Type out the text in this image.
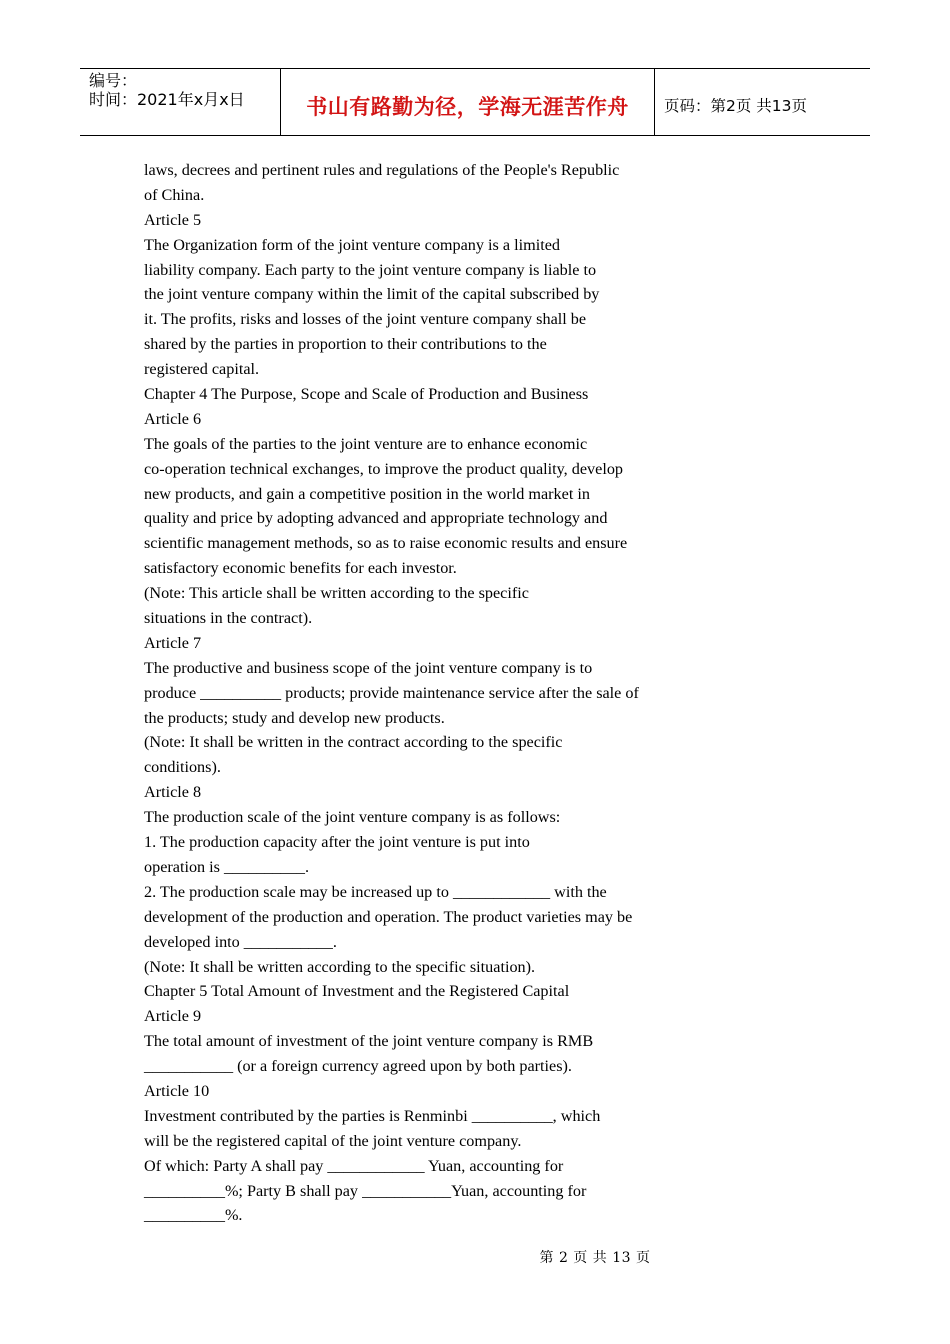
编号：
时间：2021年x月x日	书山有路勤为径，学海无涯苦作舟	页码：第2页 共13页
laws, decrees and pertinent rules and regulations of the People's Republic
of China.
Article 5
The Organization form of the joint venture company is a limited
liability company. Each party to the joint venture company is liable to
the joint venture company within the limit of the capital subscribed by
it. The profits, risks and losses of the joint venture company shall be
shared by the parties in proportion to their contributions to the
registered capital.
Chapter 4 The Purpose, Scope and Scale of Production and Business
Article 6
The goals of the parties to the joint venture are to enhance economic
co-operation technical exchanges, to improve the product quality, develop
new products, and gain a competitive position in the world market in
quality and price by adopting advanced and appropriate technology and
scientific management methods, so as to raise economic results and ensure
satisfactory economic benefits for each investor.
(Note: This article shall be written according to the specific
situations in the contract).
Article 7
The productive and business scope of the joint venture company is to
produce __________ products; provide maintenance service after the sale of
the products; study and develop new products.
(Note: It shall be written in the contract according to the specific
conditions).
Article 8
The production scale of the joint venture company is as follows:
1. The production capacity after the joint venture is put into
operation is __________.
2. The production scale may be increased up to ____________ with the
development of the production and operation. The product varieties may be
developed into ___________.
(Note: It shall be written according to the specific situation).
Chapter 5 Total Amount of Investment and the Registered Capital
Article 9
The total amount of investment of the joint venture company is RMB
___________ (or a foreign currency agreed upon by both parties).
Article 10
Investment contributed by the parties is Renminbi __________, which
will be the registered capital of the joint venture company.
Of which: Party A shall pay ____________ Yuan, accounting for
__________%; Party B shall pay ___________Yuan, accounting for
__________%.
第 2 页 共 13 页
